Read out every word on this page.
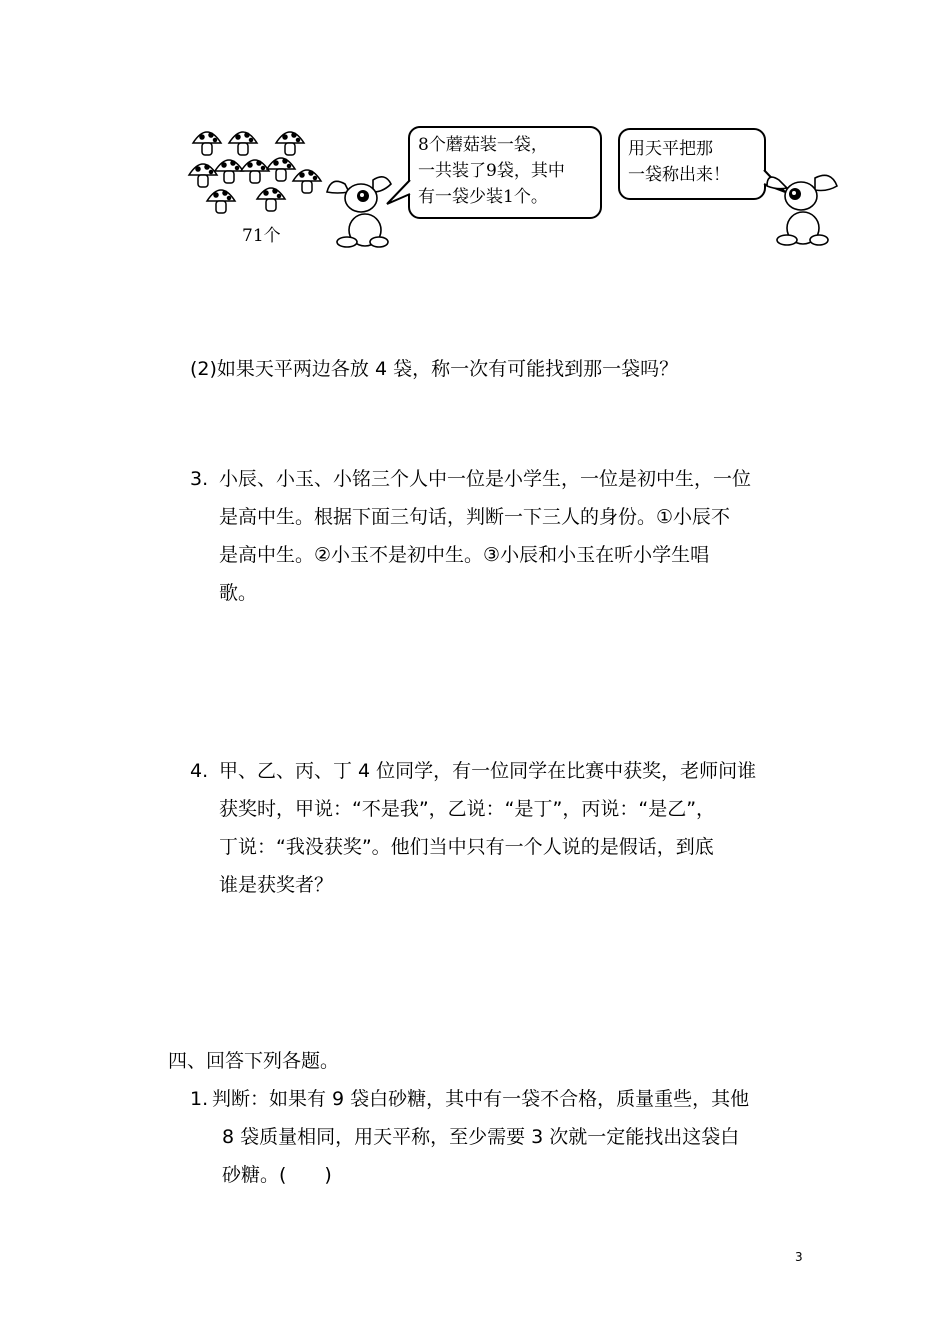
71个
8个蘑菇装一袋，
一共装了9袋，其中
有一袋少装1个。
用天平把那
一袋称出来！
(2)如果天平两边各放 4 袋，称一次有可能找到那一袋吗？
3. 小辰、小玉、小铭三个人中一位是小学生，一位是初中生，一位
是高中生。根据下面三句话，判断一下三人的身份。①小辰不
是高中生。②小玉不是初中生。③小辰和小玉在听小学生唱
歌。
4. 甲、乙、丙、丁 4 位同学，有一位同学在比赛中获奖，老师问谁
获奖时，甲说：“不是我”，乙说：“是丁”，丙说：“是乙”，
丁说：“我没获奖”。他们当中只有一个人说的是假话，到底
谁是获奖者？
四、回答下列各题。
1. 判断：如果有 9 袋白砂糖，其中有一袋不合格，质量重些，其他
8 袋质量相同，用天平称，至少需要 3 次就一定能找出这袋白
砂糖。(　　)
3
